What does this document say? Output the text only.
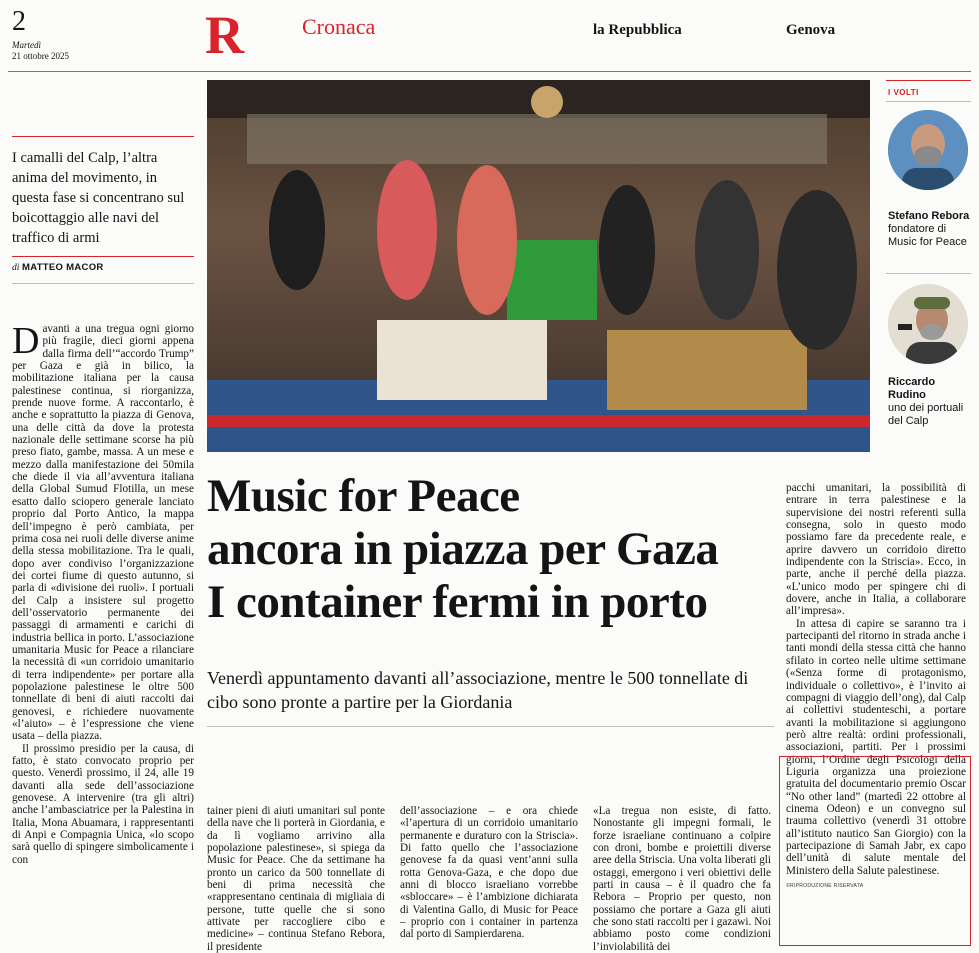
2
Martedì
21 ottobre 2025	R	Cronaca	la Repubblica	Genova
I camalli del Calp, l’altra anima del movimento, in questa fase si concentrano sul boicottaggio alle navi del traffico di armi
di MATTEO MACOR

Davanti a una tregua ogni giorno più fragile, dieci giorni appena dalla firma dell’“accordo Trump” per Gaza e già in bilico, la mobilitazione italiana per la causa palestinese continua, si riorganizza, prende nuove forme. A raccontarlo, è anche e soprattutto la piazza di Genova, una delle città da dove la protesta nazionale delle settimane scorse ha più preso fiato, gambe, massa. A un mese e mezzo dalla manifestazione dei 50mila che diede il via all’avventura italiana della Global Sumud Flotilla, un mese esatto dallo sciopero generale lanciato proprio dal Porto Antico, la mappa dell’impegno è però cambiata, per prima cosa nei ruoli delle diverse anime della stessa mobilitazione. Tra le quali, dopo aver condiviso l’organizzazione dei cortei fiume di questo autunno, si parla di «divisione dei ruoli». I portuali del Calp a insistere sul progetto dell’osservatorio permanente dei passaggi di armamenti e carichi di industria bellica in porto. L’associazione umanitaria Music for Peace a rilanciare la necessità di «un corridoio umanitario di terra indipendente» per portare alla popolazione palestinese le oltre 500 tonnellate di beni di aiuti raccolti dai genovesi, e richiedere nuovamente «l’aiuto» – è l’espressione che viene usata – della piazza.

Il prossimo presidio per la causa, di fatto, è stato convocato proprio per questo. Venerdì prossimo, il 24, alle 19 davanti alla sede dell’associazione genovese. A intervenire (tra gli altri) anche l’ambasciatrice per la Palestina in Italia, Mona Abuamara, i rappresentanti di Anpi e Compagnia Unica, «lo scopo sarà quello di spingere simbolicamente i con

Music for Peace
ancora in piazza per Gaza
I container fermi in porto
Venerdì appuntamento davanti all’associazione, mentre le 500 tonnellate di cibo sono pronte a partire per la Giordania

tainer pieni di aiuti umanitari sul ponte della nave che li porterà in Giordania, e da lì vogliamo arrivino alla popolazione palestinese», si spiega da Music for Peace. Che da settimane ha pronto un carico da 500 tonnellate di beni di prima necessità che «rappresentano centinaia di migliaia di persone, tutte quelle che si sono attivate per raccogliere cibo e medicine» – continua Stefano Rebora, il presidente

dell’associazione – e ora chiede «l’apertura di un corridoio umanitario permanente e duraturo con la Striscia». Di fatto quello che l’associazione genovese fa da quasi vent’anni sulla rotta Genova-Gaza, e che dopo due anni di blocco israeliano vorrebbe «sbloccare» – è l’ambizione dichiarata di Valentina Gallo, di Music for Peace – proprio con i container in partenza dal porto di Sampierdarena.

«La tregua non esiste, di fatto. Nonostante gli impegni formali, le forze israeliane continuano a colpire con droni, bombe e proiettili diverse aree della Striscia. Una volta liberati gli ostaggi, emergono i veri obiettivi delle parti in causa – è il quadro che fa Rebora – Proprio per questo, non possiamo che portare a Gaza gli aiuti che sono stati raccolti per i gazawi. Noi abbiamo posto come condizioni l’inviolabilità dei

pacchi umanitari, la possibilità di entrare in terra palestinese e la supervisione dei nostri referenti sulla consegna, solo in questo modo possiamo fare da precedente reale, e aprire davvero un corridoio diretto indipendente con la Striscia». Ecco, in parte, anche il perché della piazza. «L’unico modo per spingere chi di dovere, anche in Italia, a collaborare all’impresa».

In attesa di capire se saranno tra i partecipanti del ritorno in strada anche i tanti mondi della stessa città che hanno sfilato in corteo nelle ultime settimane («Senza forme di protagonismo, individuale o collettivo», è l’invito ai compagni di viaggio dell’ong), dal Calp ai collettivi studenteschi, a portare avanti la mobilitazione si aggiungono però altre realtà: ordini professionali, associazioni, partiti. Per i prossimi giorni, l’Ordine degli Psicologi della Liguria organizza una proiezione gratuita del documentario premio Oscar “No other land” (martedì 22 ottobre al cinema Odeon) e un convegno sul trauma collettivo (venerdì 31 ottobre all’istituto nautico San Giorgio) con la partecipazione di Samah Jabr, ex capo dell’unità di salute mentale del Ministero della Salute palestinese.

©RIPRODUZIONE RISERVATA
I VOLTI
Stefano Rebora
fondatore di Music for Peace
Riccardo Rudino
uno dei portuali del Calp
